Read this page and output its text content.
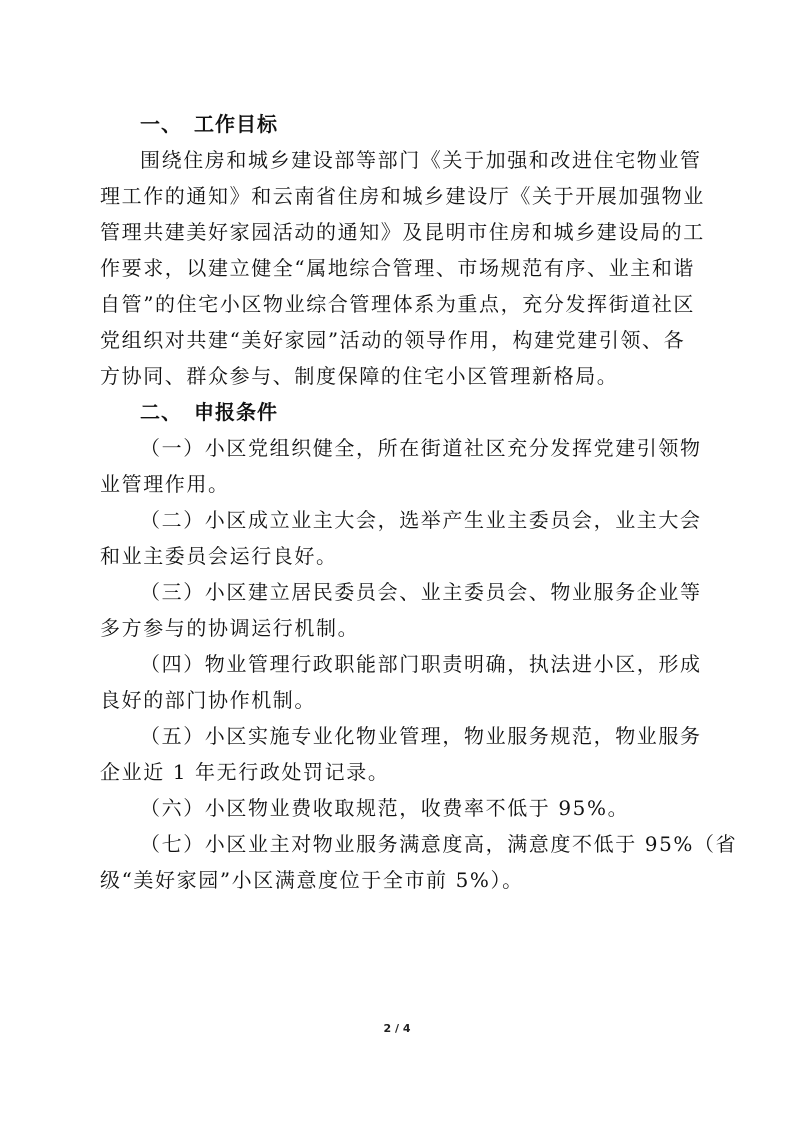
一、 工作目标
围绕住房和城乡建设部等部门《关于加强和改进住宅物业管
理工作的通知》和云南省住房和城乡建设厅《关于开展加强物业
管理共建美好家园活动的通知》及昆明市住房和城乡建设局的工
作要求，以建立健全“属地综合管理、市场规范有序、业主和谐
自管”的住宅小区物业综合管理体系为重点，充分发挥街道社区
党组织对共建“美好家园”活动的领导作用，构建党建引领、各
方协同、群众参与、制度保障的住宅小区管理新格局。
二、 申报条件
（一）小区党组织健全，所在街道社区充分发挥党建引领物
业管理作用。
（二）小区成立业主大会，选举产生业主委员会，业主大会
和业主委员会运行良好。
（三）小区建立居民委员会、业主委员会、物业服务企业等
多方参与的协调运行机制。
（四）物业管理行政职能部门职责明确，执法进小区，形成
良好的部门协作机制。
（五）小区实施专业化物业管理，物业服务规范，物业服务
企业近 1 年无行政处罚记录。
（六）小区物业费收取规范，收费率不低于 95%。
（七）小区业主对物业服务满意度高，满意度不低于 95%（省
级“美好家园”小区满意度位于全市前 5%）。
2 / 4
